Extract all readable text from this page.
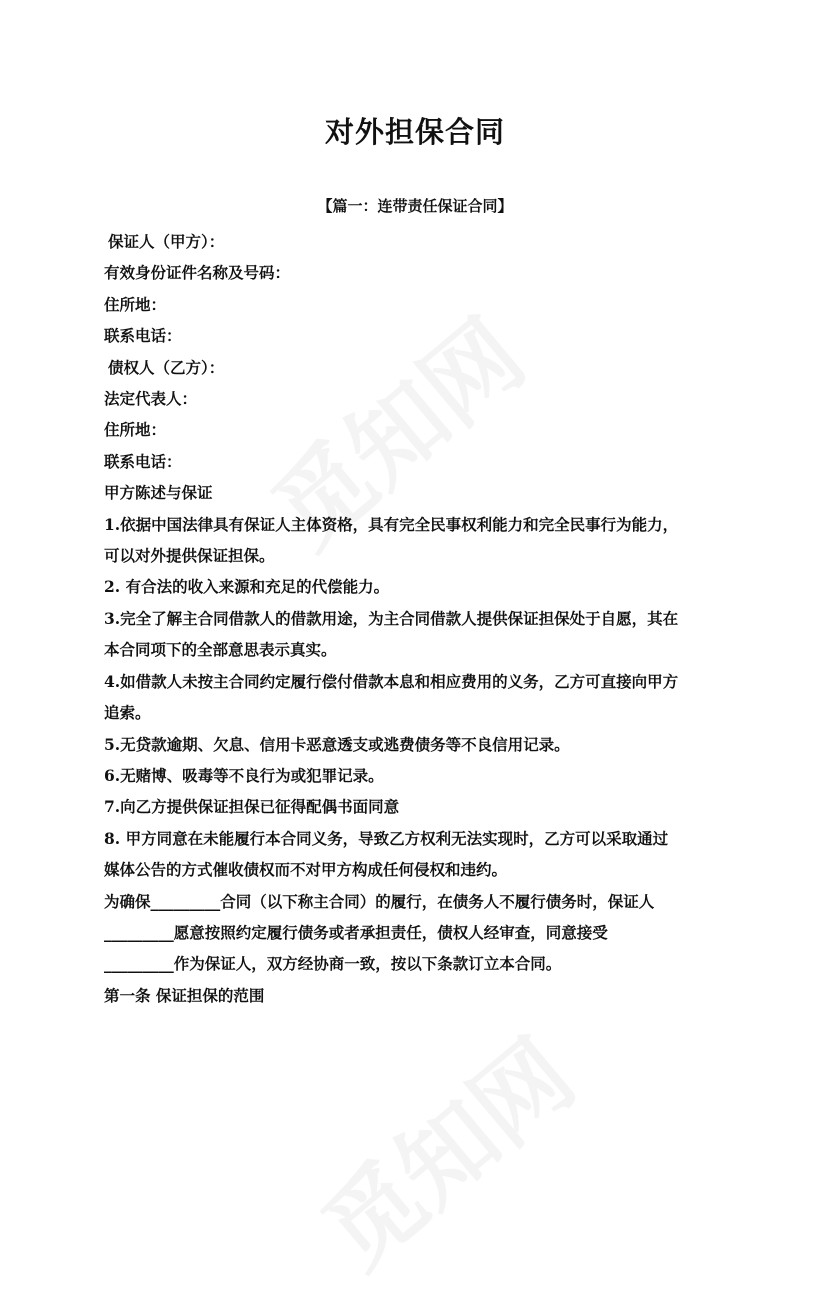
对外担保合同
【篇一：连带责任保证合同】

保证人（甲方）：

有效身份证件名称及号码：

住所地：

联系电话：

债权人（乙方）：

法定代表人：

住所地：

联系电话：

甲方陈述与保证

1.依据中国法律具有保证人主体资格，具有完全民事权利能力和完全民事行为能力，

可以对外提供保证担保。

2. 有合法的收入来源和充足的代偿能力。

3.完全了解主合同借款人的借款用途，为主合同借款人提供保证担保处于自愿，其在

本合同项下的全部意思表示真实。

4.如借款人未按主合同约定履行偿付借款本息和相应费用的义务，乙方可直接向甲方

追索。

5.无贷款逾期、欠息、信用卡恶意透支或逃费债务等不良信用记录。

6.无赌博、吸毒等不良行为或犯罪记录。

7.向乙方提供保证担保已征得配偶书面同意

8. 甲方同意在未能履行本合同义务，导致乙方权利无法实现时，乙方可以采取通过

媒体公告的方式催收债权而不对甲方构成任何侵权和违约。

为确保_________合同（以下称主合同）的履行，在债务人不履行债务时，保证人

_________愿意按照约定履行债务或者承担责任，债权人经审查，同意接受

_________作为保证人，双方经协商一致，按以下条款订立本合同。

第一条 保证担保的范围
